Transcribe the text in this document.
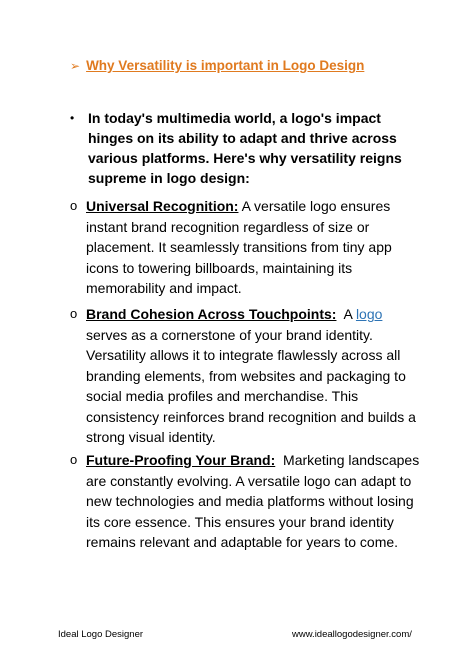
➢ Why Versatility is important in Logo Design
• In today's multimedia world, a logo's impact hinges on its ability to adapt and thrive across various platforms. Here's why versatility reigns supreme in logo design:
o Universal Recognition: A versatile logo ensures instant brand recognition regardless of size or placement. It seamlessly transitions from tiny app icons to towering billboards, maintaining its memorability and impact.
o Brand Cohesion Across Touchpoints:  A logo serves as a cornerstone of your brand identity. Versatility allows it to integrate flawlessly across all branding elements, from websites and packaging to social media profiles and merchandise. This consistency reinforces brand recognition and builds a strong visual identity.
o Future-Proofing Your Brand:  Marketing landscapes are constantly evolving. A versatile logo can adapt to new technologies and media platforms without losing its core essence. This ensures your brand identity remains relevant and adaptable for years to come.
Ideal Logo Designer	www.ideallogodesigner.com/
